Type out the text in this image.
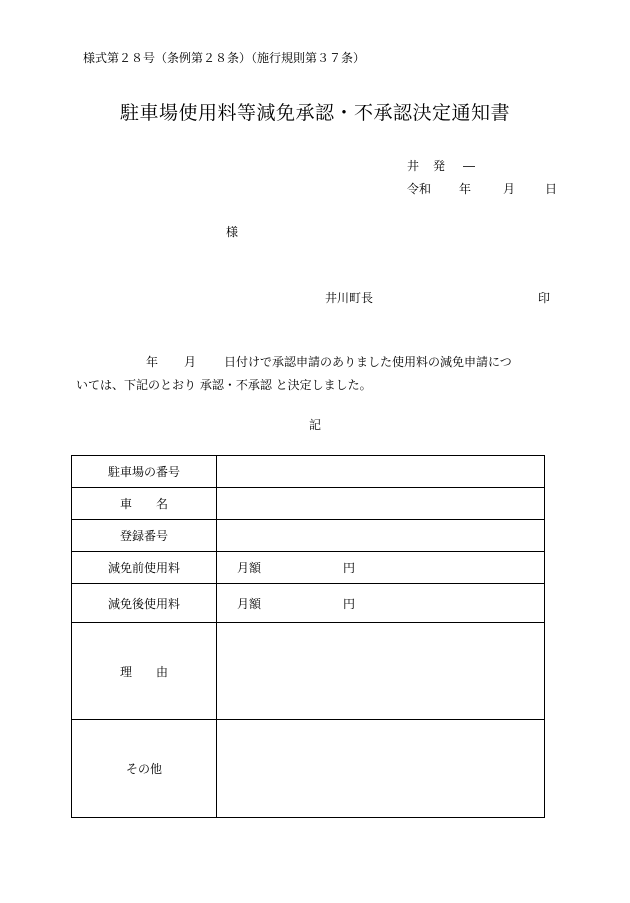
様式第２８号（条例第２８条）（施行規則第３７条）
駐車場使用料等減免承認・不承認決定通知書
井 発 ―
令和 年	月	日
様
井川町長	印
年 月 日付けで承認申請のありました使用料の減免申請につ
いては、下記のとおり 承認・不承認 と決定しました。
記
駐車場の番号	
車　　名	
登録番号	
減免前使用料	月額 円
減免後使用料	月額 円
理　　由	
その他	
